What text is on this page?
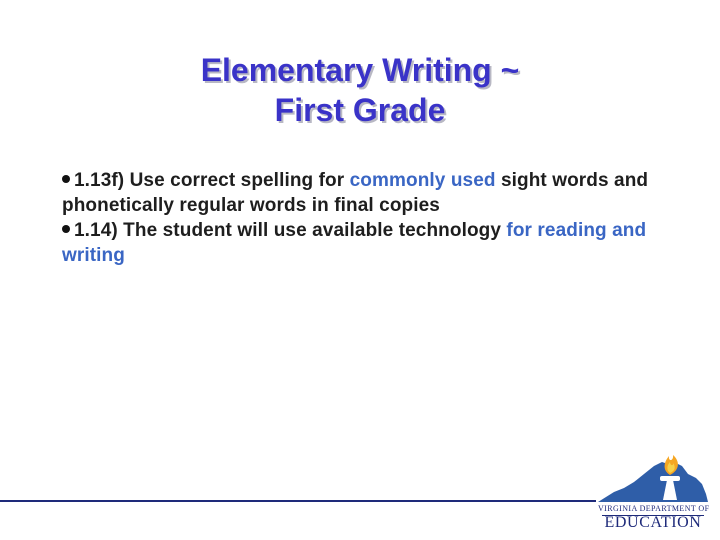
Elementary Writing ~
First Grade

1.13f) Use correct spelling for commonly used sight words and phonetically regular words in final copies

1.14) The student will use available technology for reading and writing

VIRGINIA DEPARTMENT OF
EDUCATION
